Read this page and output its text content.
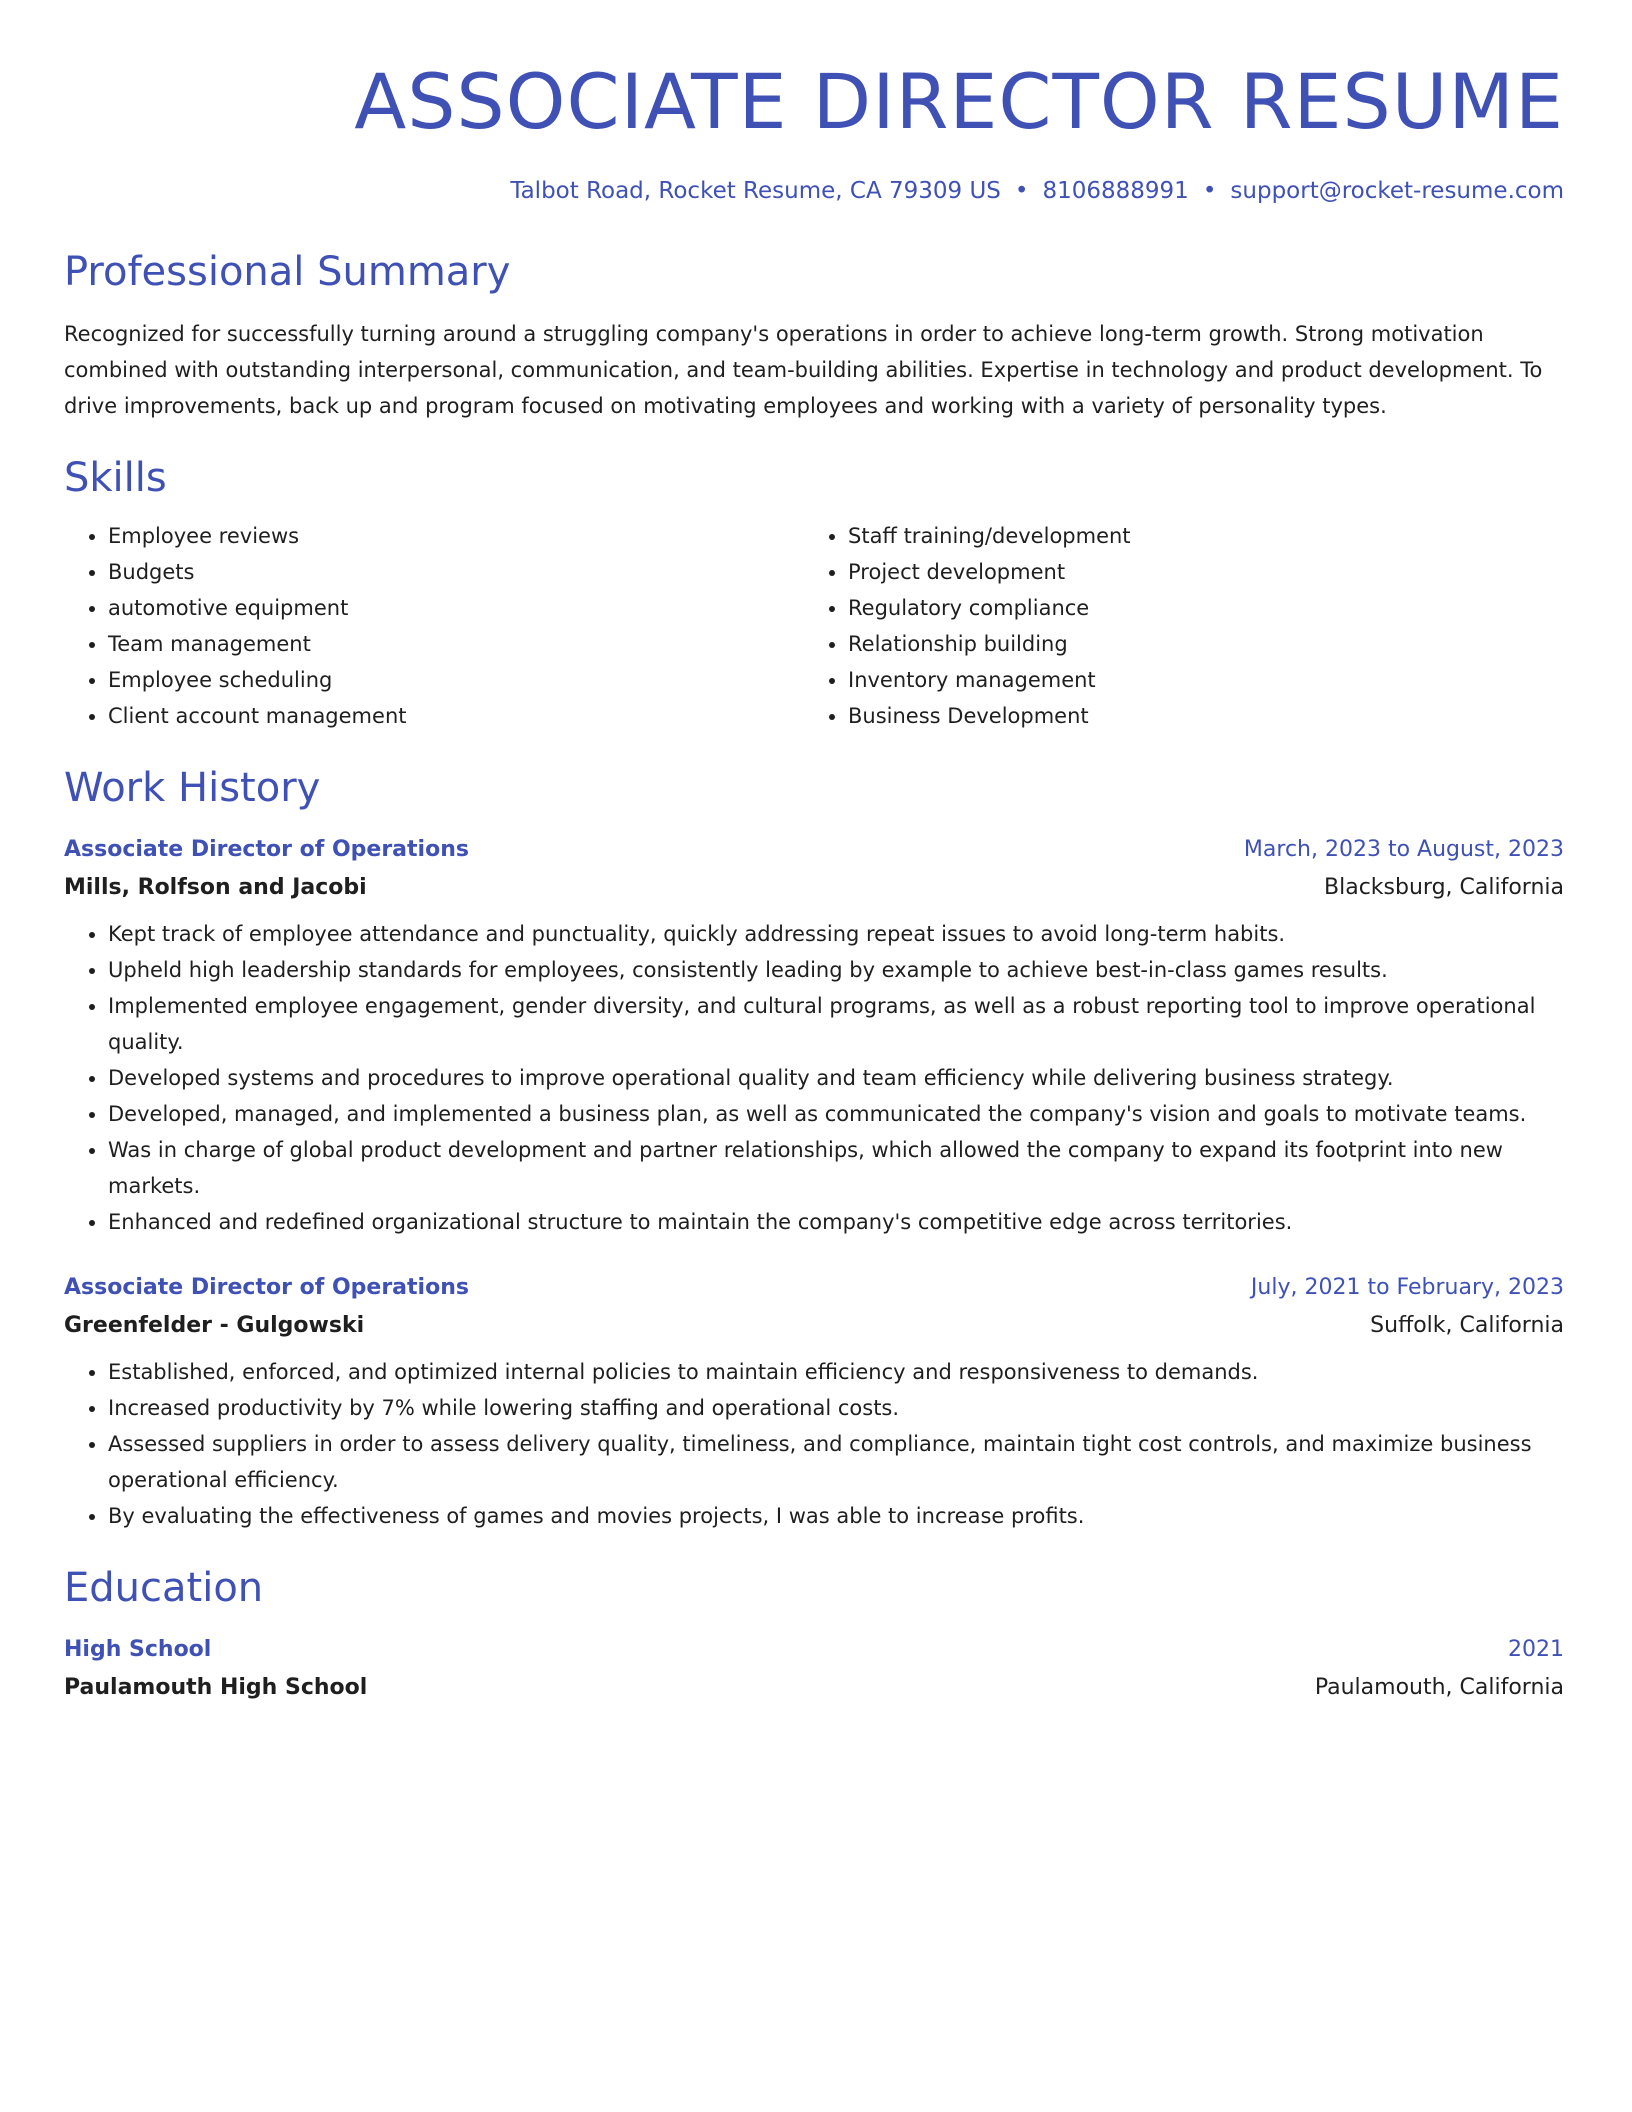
ASSOCIATE DIRECTOR RESUME
Talbot Road, Rocket Resume, CA 79309 US • 8106888991 • support@rocket-resume.com
Professional Summary
Recognized for successfully turning around a struggling company's operations in order to achieve long-term growth. Strong motivation combined with outstanding interpersonal, communication, and team-building abilities. Expertise in technology and product development. To drive improvements, back up and program focused on motivating employees and working with a variety of personality types.
Skills
• Employee reviews
• Budgets
• automotive equipment
• Team management
• Employee scheduling
• Client account management
• Staff training/development
• Project development
• Regulatory compliance
• Relationship building
• Inventory management
• Business Development
Work History
Associate Director of Operations	March, 2023 to August, 2023
Mills, Rolfson and Jacobi	Blacksburg, California
• Kept track of employee attendance and punctuality, quickly addressing repeat issues to avoid long-term habits.
• Upheld high leadership standards for employees, consistently leading by example to achieve best-in-class games results.
• Implemented employee engagement, gender diversity, and cultural programs, as well as a robust reporting tool to improve operational quality.
• Developed systems and procedures to improve operational quality and team efficiency while delivering business strategy.
• Developed, managed, and implemented a business plan, as well as communicated the company's vision and goals to motivate teams.
• Was in charge of global product development and partner relationships, which allowed the company to expand its footprint into new markets.
• Enhanced and redefined organizational structure to maintain the company's competitive edge across territories.
Associate Director of Operations	July, 2021 to February, 2023
Greenfelder - Gulgowski	Suffolk, California
• Established, enforced, and optimized internal policies to maintain efficiency and responsiveness to demands.
• Increased productivity by 7% while lowering staffing and operational costs.
• Assessed suppliers in order to assess delivery quality, timeliness, and compliance, maintain tight cost controls, and maximize business operational efficiency.
• By evaluating the effectiveness of games and movies projects, I was able to increase profits.
Education
High School	2021
Paulamouth High School	Paulamouth, California
